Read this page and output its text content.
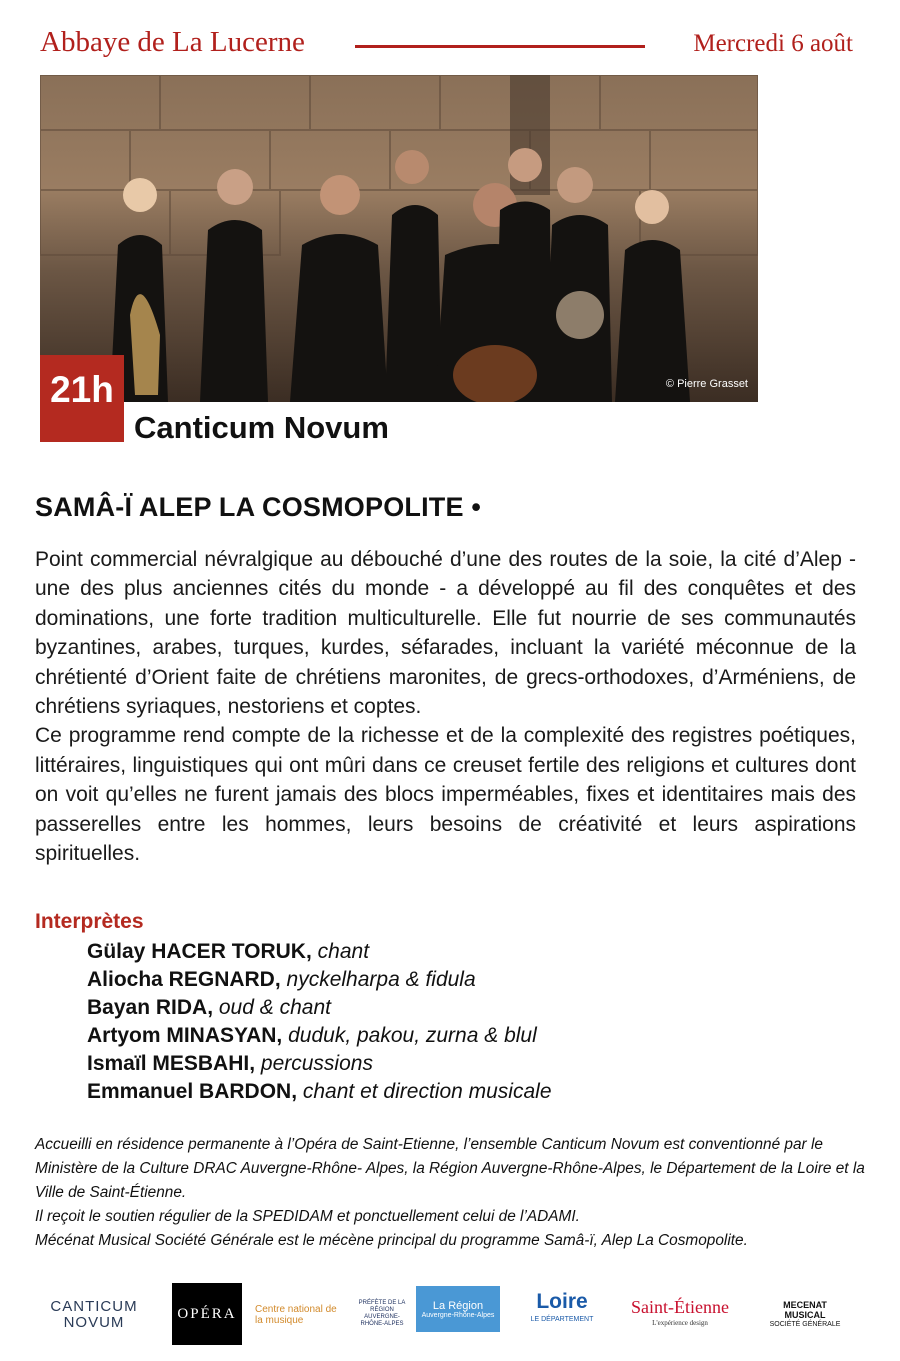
Abbaye de La Lucerne	Mercredi 6 août
© Pierre Grasset
21h
Canticum Novum
SAMÂ-Ï ALEP LA COSMOPOLITE •

Point commercial névralgique au débouché d’une des routes de la soie, la cité d’Alep - une des plus anciennes cités du monde - a développé au fil des conquêtes et des dominations, une forte tradition multiculturelle. Elle fut nourrie de ses communautés byzantines, arabes, turques, kurdes, séfarades, incluant la variété méconnue de la chrétienté d’Orient faite de chrétiens maronites, de grecs-orthodoxes, d’Arméniens, de chrétiens syriaques, nestoriens et coptes.

Ce programme rend compte de la richesse et de la complexité des registres poétiques, littéraires, linguistiques qui ont mûri dans ce creuset fertile des religions et cultures dont on voit qu’elles ne furent jamais des blocs imperméables, fixes et identitaires mais des passerelles entre les hommes, leurs besoins de créativité et leurs aspirations spirituelles.

Interprètes
Gülay HACER TORUK, chant
Aliocha REGNARD, nyckelharpa & fidula
Bayan RIDA, oud & chant
Artyom MINASYAN, duduk, pakou, zurna & blul
Ismaïl MESBAHI, percussions
Emmanuel BARDON, chant et direction musicale

Accueilli en résidence permanente à l’Opéra de Saint-Etienne, l’ensemble Canticum Novum est conventionné par le Ministère de la Culture DRAC Auvergne-Rhône- Alpes, la Région Auvergne-Rhône-Alpes, le Département de la Loire et la Ville de Saint-Étienne.

Il reçoit le soutien régulier de la SPEDIDAM et ponctuellement celui de l’ADAMI.

Mécénat Musical Société Générale est le mécène principal du programme Samâ-ï, Alep La Cosmopolite.

CANTICUM
NOVUM
OPÉRA	Centre national de la musique
PRÉFÈTE DE LA RÉGION AUVERGNE-RHÔNE-ALPES
La Région
Auvergne-Rhône-Alpes
Loire
LE DÉPARTEMENT
Saint-Étienne
L'expérience design
MECENAT
MUSICAL
SOCIÉTÉ GÉNÉRALE
